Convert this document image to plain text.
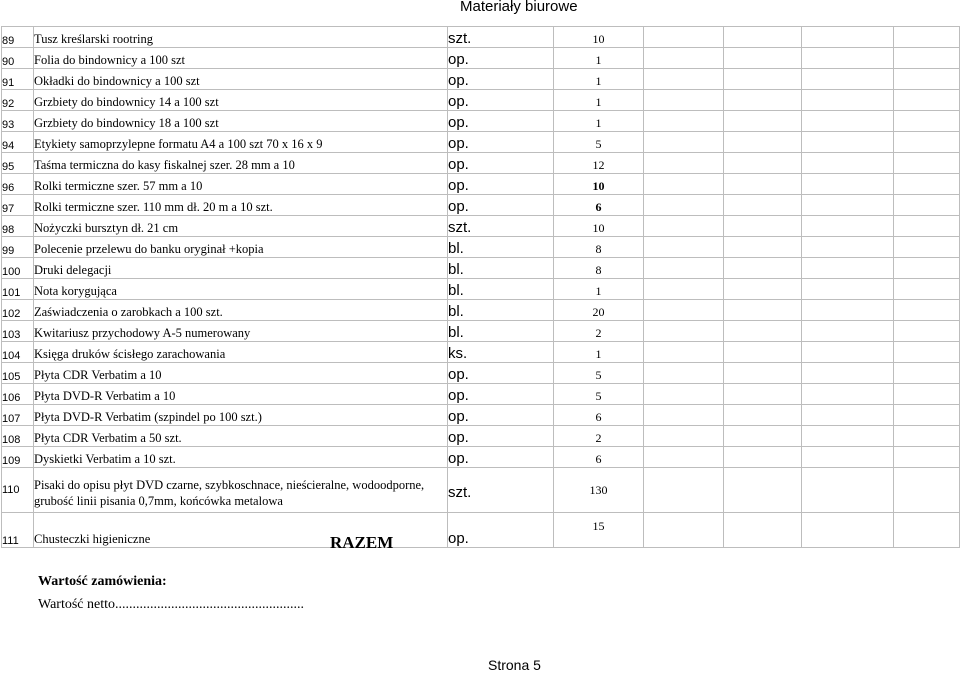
Materiały biurowe
89	Tusz kreślarski rootring	szt.	10				
90	Folia do bindownicy a 100 szt	op.	1				
91	Okładki do bindownicy a 100 szt	op.	1				
92	Grzbiety do bindownicy 14 a 100 szt	op.	1				
93	Grzbiety do bindownicy 18 a 100 szt	op.	1				
94	Etykiety samoprzylepne formatu A4 a 100 szt 70 x 16 x 9	op.	5				
95	Taśma termiczna do kasy fiskalnej szer. 28 mm a 10	op.	12				
96	Rolki termiczne szer. 57 mm a 10	op.	10				
97	Rolki termiczne szer. 110 mm dł. 20 m a 10 szt.	op.	6				
98	Nożyczki bursztyn dł. 21 cm	szt.	10				
99	Polecenie przelewu do banku oryginał +kopia	bl.	8				
100	Druki delegacji	bl.	8				
101	Nota korygująca	bl.	1				
102	Zaświadczenia o zarobkach a 100 szt.	bl.	20				
103	Kwitariusz przychodowy A-5 numerowany	bl.	2				
104	Księga druków ścisłego zarachowania	ks.	1				
105	Płyta CDR Verbatim a 10	op.	5				
106	Płyta DVD-R Verbatim a 10	op.	5				
107	Płyta DVD-R Verbatim (szpindel po 100 szt.)	op.	6				
108	Płyta CDR Verbatim a 50 szt.	op.	2				
109	Dyskietki Verbatim a 10 szt.	op.	6				
110	Pisaki do opisu płyt DVD czarne, szybkoschnace, nieścieralne, wodoodporne, grubość linii pisania 0,7mm, końcówka metalowa	szt.	130				
111	Chusteczki higieniczne	op.	15				
RAZEM
Wartość zamówienia:
Wartość netto......................................................
Strona 5
